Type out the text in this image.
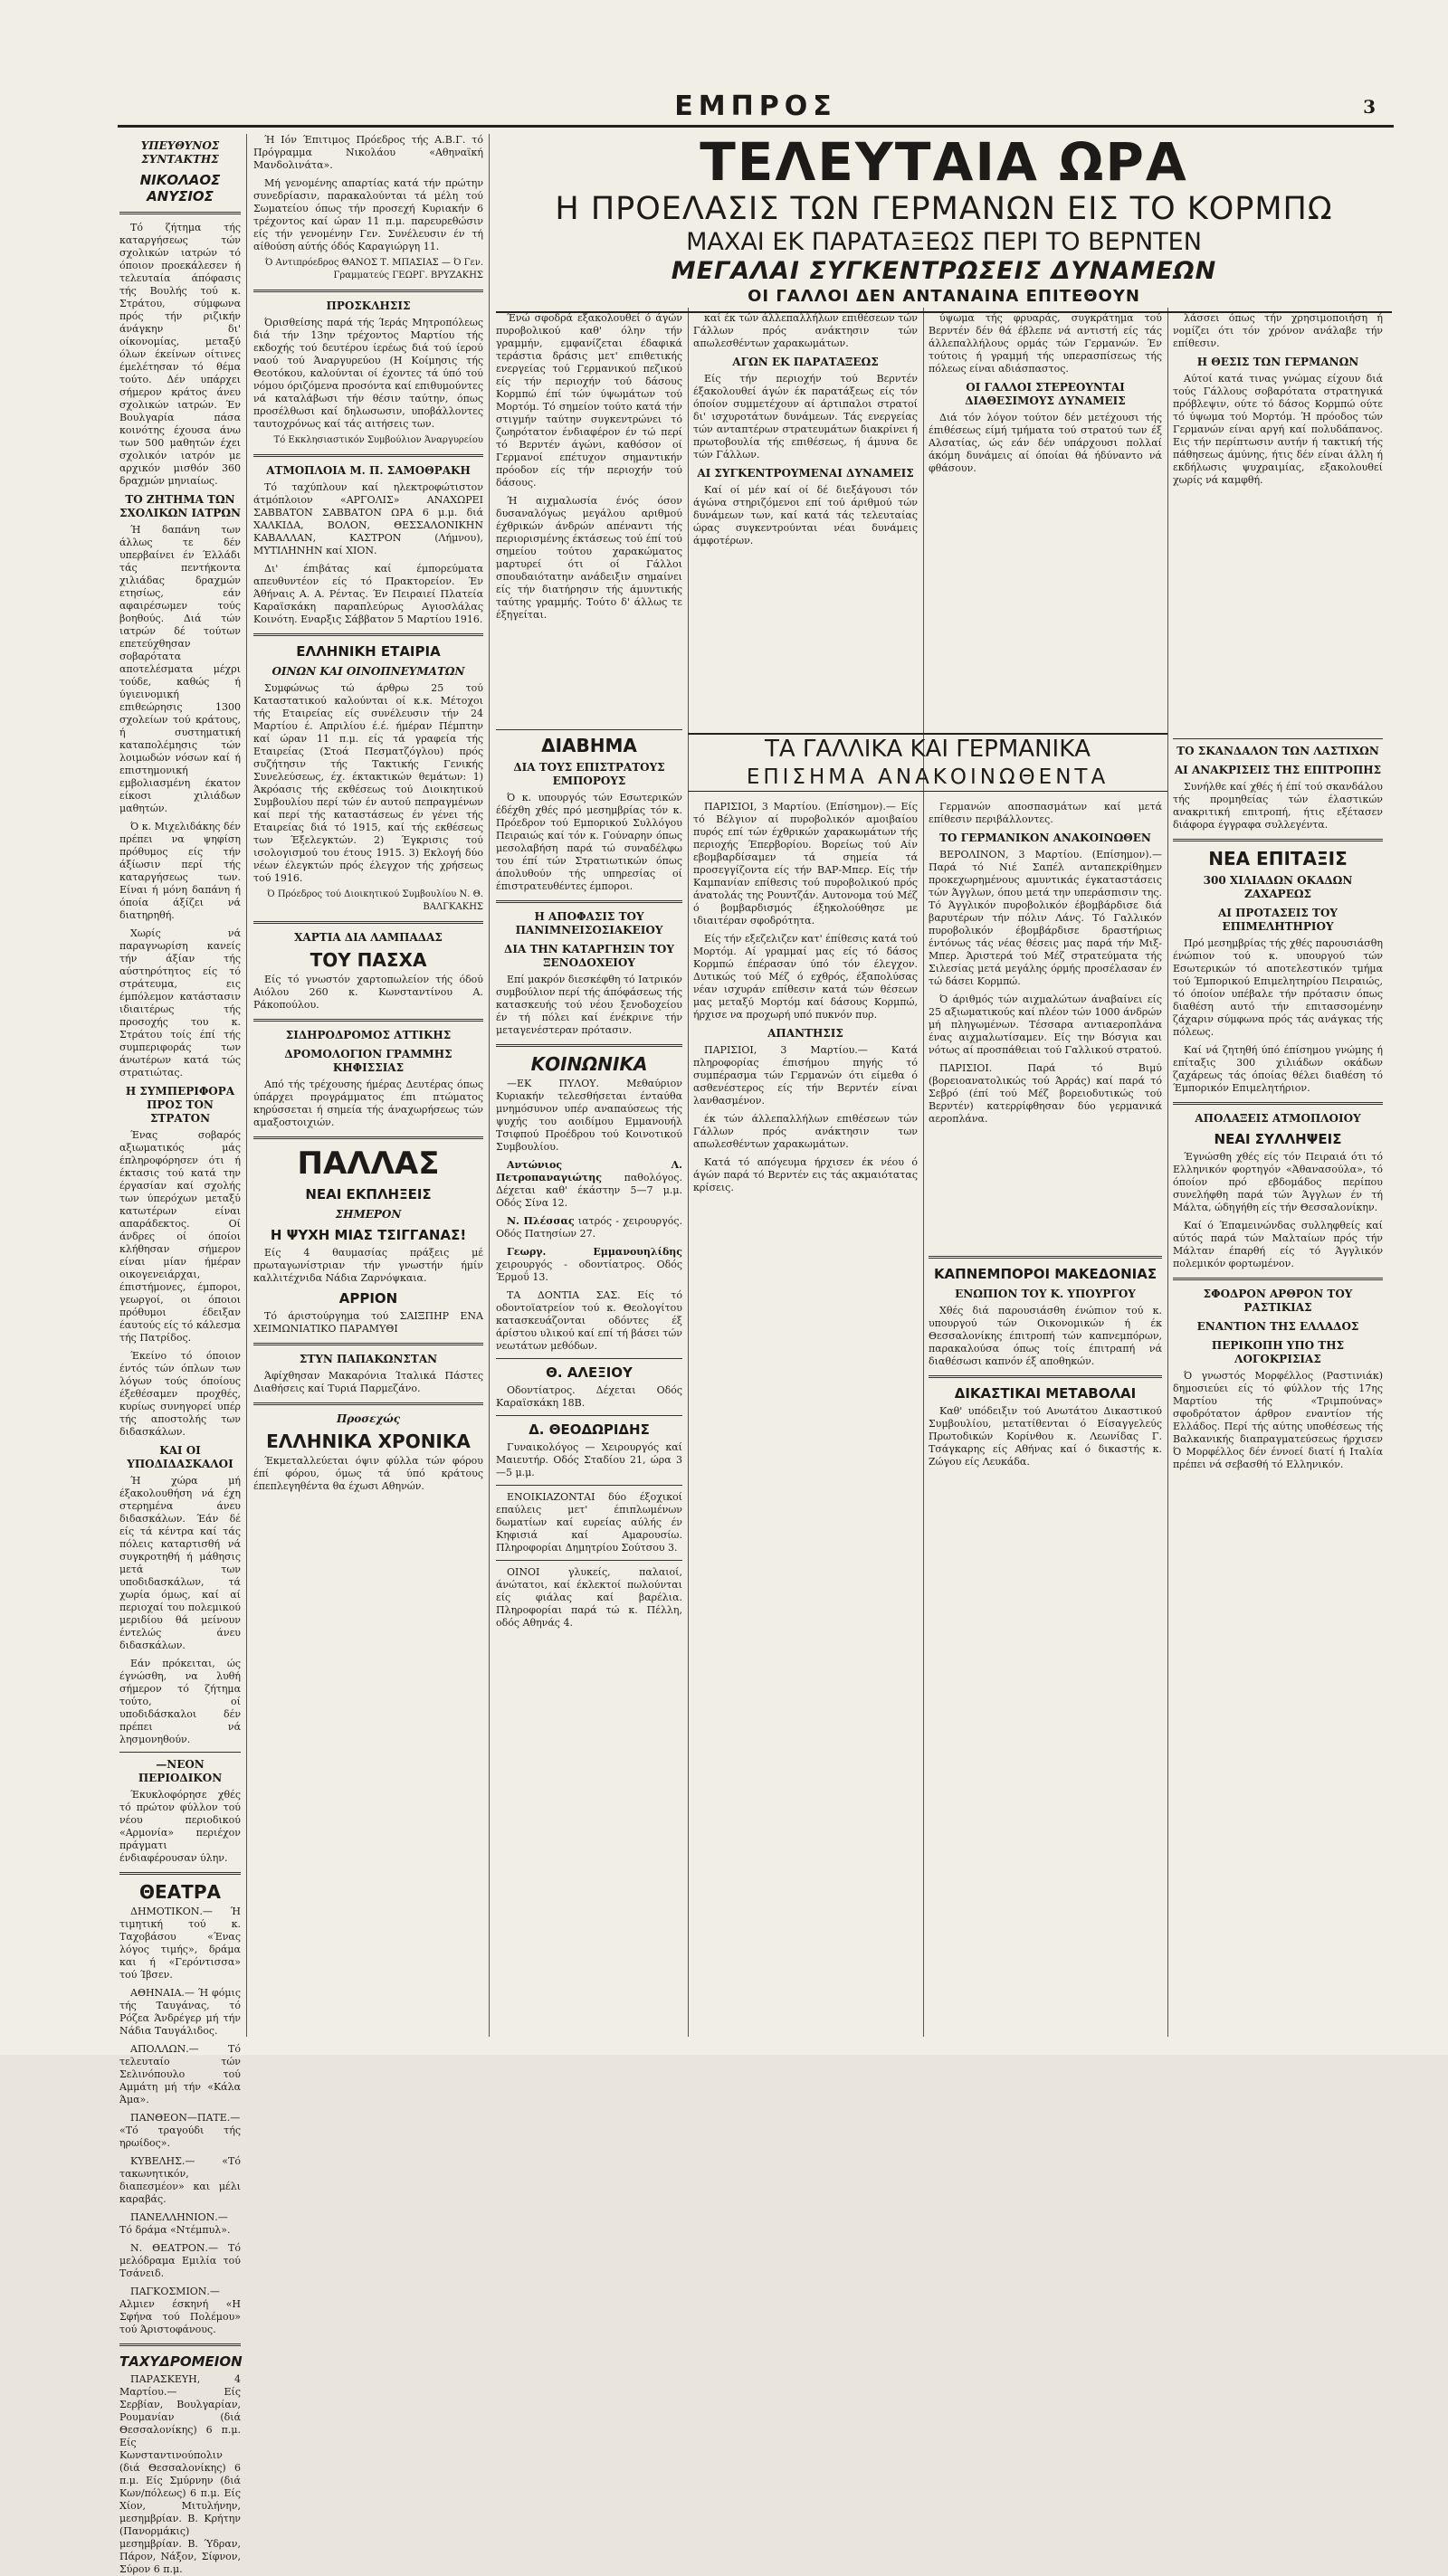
ΕΜΠΡΟΣ	3
ΥΠΕΥΘΥΝΟΣ ΣΥΝΤΑΚΤΗΣ
ΝΙΚΟΛΑΟΣ ΑΝΥΣΙΟΣ

Τό ζήτημα τής καταργήσεως τών σχολικών ιατρών τό όποιον προεκάλεσεν ή τελευταία άπόφασις τής Βουλής τού κ. Στράτου, σύμφωνα πρός τήν ριζικήν άνάγκην δι' οίκονομίας, μεταξύ όλων έκείνων οίτινες έμελέτησαν τό θέμα τούτο. Δέν υπάρχει σήμερον κράτος άνευ σχολικών ιατρών. Έν Βουλγαρία πάσα κοινότης έχουσα άνω των 500 μαθητών έχει σχολικόν ιατρόν με αρχικόν μισθόν 360 δραχμών μηνιαίως.

ΤΟ ΖΗΤΗΜΑ ΤΩΝ ΣΧΟΛΙΚΩΝ ΙΑΤΡΩΝ

Ή δαπάνη των άλλως τε δέν υπερβαίνει έν Έλλάδι τάς πεντήκοντα χιλιάδας δραχμών ετησίως, εάν αφαιρέσωμεν τούς βοηθούς. Διά τών ιατρών δέ τούτων επετεύχθησαν σοβαρότατα αποτελέσματα μέχρι τούδε, καθώς ή ύγιεινομική επιθεώρησις 1300 σχολείων τού κράτους, ή συστηματική καταπολέμησις τών λοιμωδών νόσων καί ή επιστημονική εμβολιασμένη έκατον είκοσι χιλιάδων μαθητών.

Ό κ. Μιχελιδάκης δέν πρέπει να ψηφίση πρόθυμος είς τήν άξίωσιν περί τής καταργήσεως των. Είναι ή μόνη δαπάνη ή όποία άξίζει νά διατηρηθή.

Χωρίς νά παραγνωρίση κανείς τήν άξίαν τής αύστηρότητος είς τό στράτευμα, εις έμπόλεμον κατάστασιν ιδιαιτέρως τής προσοχής του κ. Στράτου τοίς έπί τής συμπεριφοράς των άνωτέρων κατά τώς στρατιώτας.

Η ΣΥΜΠΕΡΙΦΟΡΑ ΠΡΟΣ ΤΟΝ ΣΤΡΑΤΟΝ

Ένας σοβαρός αξιωματικός μάς έπληροφόρησεν ότι ή έκτασις τού κατά την έργασίαν καί σχολής των ύπερόχων μεταξύ κατωτέρων είναι απαράδεκτος. Οί άνδρες οί όποίοι κλήθησαν σήμερον είναι μίαν ήμέραν οικογενειάρχαι, έπιστήμονες, έμποροι, γεωργοί, οι όποιοι πρόθυμοι έδειξαν έαυτούς είς τό κάλεσμα τής Πατρίδος.

Έκείνο τό όποιον έντός τών όπλων των λόγων τούς όποίους έξεθέσαμεν προχθές, κυρίως συνηγορεί υπέρ τής αποστολής των διδασκάλων.

ΚΑΙ ΟΙ ΥΠΟΔΙΔΑΣΚΑΛΟΙ

Ή χώρα μή έξακολουθήση νά έχη στερημένα άνευ διδασκάλων. Έάν δέ είς τά κέντρα καί τάς πόλεις καταρτισθή νά συγκροτηθή ή μάθησις μετά των υποδιδασκάλων, τά χωρία όμως, καί αί περιοχαί του πολεμικού μεριδίου θά μείνουν έντελώς άνευ διδασκάλων.

Εάν πρόκειται, ώς έγνώσθη, να λυθή σήμερον τό ζήτημα τούτο, οί υποδιδάσκαλοι δέν πρέπει νά λησμονηθούν.

—ΝΕΟΝ ΠΕΡΙΟΔΙΚΟΝ

Έκυκλοφόρησε χθές τό πρώτον φύλλον τού νέου περιοδικού «Αρμονία» περιέχον πράγματι ένδιαφέρουσαν ύλην.

ΘΕΑΤΡΑ

ΔΗΜΟΤΙΚΟΝ.— Ή τιμητική τού κ. Ταχοβάσου «Ένας λόγος τιμής», δράμα και ή «Γερόντισσα» τού Ίβσεν.

ΑΘΗΝΑΙΑ.— Ή φόμις τής Ταυγάνας, τό Ρόζεα Άνδρέγερ μή τήν Νάδια Ταυγάλιδος.

ΑΠΟΛΛΩΝ.— Τό τελευταίο τών Σελινόπουλο τού Αμμάτη μή τήν «Κάλα Άμα».

ΠΑΝΘΕΟΝ—ΠΑΤΕ.— «Τό τραγούδι τής ηρωίδος».

ΚΥΒΕΛΗΣ.— «Τό τακωνητικόν, διαπεσμέον» και μέλι καραβάς.

ΠΑΝΕΛΛΗΝΙΟΝ.— Τό δράμα «Ντέμπυλ».

Ν. ΘΕΑΤΡΟΝ.— Τό μελόδραμα Εμιλία τού Τσάνειδ.

ΠΑΓΚΟΣΜΙΟΝ.— Αλμιεν έσκηνή «Η Σφήνα τού Πολέμου» τού Άριστοφάνους.

ΤΑΧΥΔΡΟΜΕΙΟΝ

ΠΑΡΑΣΚΕΥΗ, 4 Μαρτίου.— Είς Σερβίαν, Βουλγαρίαν, Ρουμανίαν (διά Θεσσαλονίκης) 6 π.μ. Είς Κωνσταντινούπολιν (διά Θεσσαλονίκης) 6 π.μ. Είς Σμύρνην (διά Κων/πόλεως) 6 π.μ. Είς Χίον, Μιτυλήνην, μεσημβρίαν. Β. Κρήτην (Πανορμάκις) μεσημβρίαν. Β. Ύδραν, Πάρον, Νάξον, Σίφνον, Σύρον 6 π.μ.

Ή Ιόν Έπιτιμος Πρόεδρος τής Α.Β.Γ. τό Πρόγραμμα Νικολάου «Αθηναϊκή Μανδολινάτα».

Μή γενομένης απαρτίας κατά τήν πρώτην συνεδρίασιν, παρακαλούνται τά μέλη τού Σωματείου όπως τήν προσεχή Κυριακήν 6 τρέχοντος καί ώραν 11 π.μ. παρευρεθώσιν είς τήν γενομένην Γεν. Συνέλευσιν έν τή αίθούση αύτής όδός Καραγιώργη 11.

Ό Αντιπρόεδρος ΘΑΝΟΣ Τ. ΜΠΑΣΙΑΣ — Ό Γεν. Γραμματεύς ΓΕΩΡΓ. ΒΡΥΖΑΚΗΣ
ΠΡΟΣΚΛΗΣΙΣ

Όρισθείσης παρά τής Ίεράς Μητροπόλεως διά τήν 13ην τρέχοντος Μαρτίου τής εκδοχής τού δευτέρου ίερέως διά τού ίερού ναού τού Άναργυρεύου (Η Κοίμησις τής Θεοτόκου, καλούνται οί έχοντες τά ύπό τού νόμου όριζόμενα προσόντα καί επιθυμούντες νά καταλάβωσι τήν θέσιν ταύτην, όπως προσέλθωσι καί δηλωσωσιν, υποβάλλοντες ταυτοχρόνως καί τάς αιτήσεις των.

Τό Εκκλησιαστικόν Συμβούλιον Άναργυρείου
ΑΤΜΟΠΛΟΙΑ Μ. Π. ΣΑΜΟΘΡΑΚΗ

Τό ταχύπλουν καί ηλεκτροφώτιστον άτμόπλοιον «ΑΡΓΟΛΙΣ» ΑΝΑΧΩΡΕΙ ΣΑΒΒΑΤΟΝ ΣΑΒΒΑΤΟΝ ΩΡΑ 6 μ.μ. διά ΧΑΛΚΙΔΑ, ΒΟΛΟΝ, ΘΕΣΣΑΛΟΝΙΚΗΝ ΚΑΒΑΛΛΑΝ, ΚΑΣΤΡΟΝ (Λήμνου), ΜΥΤΙΛΗΝΗΝ καί ΧΙΟΝ.

Δι' έπιβάτας καί έμπορεύματα απευθυντέον είς τό Πρακτορείον. Έν Άθήναις Α. Α. Ρέντας. Έν Πειραιεί Πλατεία Καραϊσκάκη παραπλεύρως Αγιοσλάλας Κοινότη. Εναρξις Σάββατον 5 Μαρτίου 1916.

ΕΛΛΗΝΙΚΗ ΕΤΑΙΡΙΑ
ΟΙΝΩΝ ΚΑΙ ΟΙΝΟΠΝΕΥΜΑΤΩΝ

Συμφώνως τώ άρθρω 25 τού Καταστατικού καλούνται οί κ.κ. Μέτοχοι τής Εταιρείας είς συνέλευσιν τήν 24 Μαρτίου έ. Απριλίου έ.έ. ήμέραν Πέμπτην καί ώραν 11 π.μ. είς τά γραφεία τής Εταιρείας (Στοά Πεσματζόγλου) πρός συζήτησιν τής Τακτικής Γενικής Συνελεύσεως, έχ. έκτακτικών θεμάτων: 1) Άκρόασις τής εκθέσεως τού Διοικητικού Συμβουλίου περί τών έν αυτού πεπραγμένων καί περί τής καταστάσεως έν γένει τής Εταιρείας διά τό 1915, καί τής εκθέσεως των Έξελεγκτών. 2) Έγκρισις τού ισολογισμού του έτους 1915. 3) Εκλογή δύο νέων έλεγκτών πρός έλεγχον τής χρήσεως τού 1916.

Ό Πρόεδρος τού Διοικητικού Συμβουλίου Ν. Θ. ΒΑΛΓΚΑΚΗΣ
ΧΑΡΤΙΑ ΔΙΑ ΛΑΜΠΑΔΑΣ
ΤΟΥ ΠΑΣΧΑ

Είς τό γνωστόν χαρτοπωλείον τής όδού Αιόλου 260 κ. Κωνσταντίνου Α. Ράκοπούλου.

ΣΙΔΗΡΟΔΡΟΜΟΣ ΑΤΤΙΚΗΣ
ΔΡΟΜΟΛΟΓΙΟΝ ΓΡΑΜΜΗΣ ΚΗΦΙΣΣΙΑΣ

Από τής τρέχουσης ήμέρας Δευτέρας όπως ύπάρχει προγράμματος έπι πτώματος κηρύσσεται ή σημεία τής άναχωρήσεως τών αμαξοστοιχιών.

ΠΑΛΛΑΣ
ΝΕΑΙ ΕΚΠΛΗΞΕΙΣ
ΣΗΜΕΡΟΝ
Η ΨΥΧΗ ΜΙΑΣ ΤΣΙΓΓΑΝΑΣ!

Είς 4 θαυμασίας πράξεις μέ πρωταγωνίστριαν τήν γνωστήν ήμίν καλλιτέχνιδα Νάδια Ζαρνόψκαια.

ΑΡΡΙΟΝ

Τό άριστούργημα τού ΣΑΙΞΠΗΡ ΕΝΑ ΧΕΙΜΩΝΙΑΤΙΚΟ ΠΑΡΑΜΥΘΙ

ΣΤΥΝ ΠΑΠΑΚΩΝΣΤΑΝ

Άφίχθησαν Μακαρόνια Ίταλικά Πάστες Διαθήσεις καί Τυριά Παρμεζάνο.

Προσεχώς
ΕΛΛΗΝΙΚΑ ΧΡΟΝΙΚΑ

Έκμεταλλεύεται όψιν φύλλα τών φόρου έπί φόρου, όμως τά ύπό κράτους έπεπλεγηθέντα θα έχωσι Αθηνών.

ΤΕΛΕΥΤΑΙΑ ΩΡΑ
Η ΠΡΟΕΛΑΣΙΣ ΤΩΝ ΓΕΡΜΑΝΩΝ ΕΙΣ ΤΟ ΚΟΡΜΠΩ
ΜΑΧΑΙ ΕΚ ΠΑΡΑΤΑΞΕΩΣ ΠΕΡΙ ΤΟ ΒΕΡΝΤΕΝ
ΜΕΓΑΛΑΙ ΣΥΓΚΕΝΤΡΩΣΕΙΣ ΔΥΝΑΜΕΩΝ
ΟΙ ΓΑΛΛΟΙ ΔΕΝ ΑΝΤΑΝΑΙΝΑ ΕΠΙΤΕΘΟΥΝ

Ένώ σφοδρά εξακολουθεί ό άγών πυροβολικού καθ' όλην τήν γραμμήν, εμφανίζεται έδαφικά τεράστια δράσις μετ' επιθετικής ενεργείας τού Γερμανικού πεζικού είς τήν περιοχήν τού δάσους Κορμπώ έπί τών ύψωμάτων τού Μορτόμ. Τό σημείον τούτο κατά τήν στιγμήν ταύτην συγκεντρώνει τό ζωηρότατον ένδιαφέρον έν τώ περί τό Βερντέν άγώνι, καθόσον οί Γερμανοί επέτυχον σημαντικήν πρόοδον είς τήν περιοχήν τού δάσους.

Ή αιχμαλωσία ένός όσον δυσαναλόγως μεγάλου αριθμού έχθρικών άνδρών απέναντι τής περιορισμένης έκτάσεως τού έπί τού σημείου τούτου χαρακώματος μαρτυρεί ότι οί Γάλλοι σπουδαιότατην ανάδειξιν σημαίνει είς τήν διατήρησιν τής άμυντικής ταύτης γραμμής. Τούτο δ' άλλως τε έξηγείται.

καί έκ τών άλλεπαλλήλων επιθέσεων τών Γάλλων πρός ανάκτησιν τών απωλεσθέντων χαρακωμάτων.

ΑΓΩΝ ΕΚ ΠΑΡΑΤΑΞΕΩΣ

Είς τήν περιοχήν τού Βερντέν έξακολουθεί άγών έκ παρατάξεως είς τόν όποίον συμμετέχουν αί άρτιπαλοι στρατοί δι' ισχυροτάτων δυνάμεων. Τάς ενεργείας τών ανταπτέρων στρατευμάτων διακρίνει ή πρωτοβουλία τής επιθέσεως, ή άμυνα δε τών Γάλλων.

ΑΙ ΣΥΓΚΕΝΤΡΟΥΜΕΝΑΙ ΔΥΝΑΜΕΙΣ

Καί οί μέν καί οί δέ διεξάγουσι τόν άγώνα στηριζόμενοι επί τού άριθμού τών δυνάμεων των, καί κατά τάς τελευταίας ώρας συγκεντρούνται νέαι δυνάμεις άμφοτέρων.

ύψωμα τής φρυαράς, συγκράτημα τού Βερντέν δέν θά έβλεπε νά αντιστή είς τάς άλλεπαλλήλους ορμάς τών Γερμανών. Έν τούτοις ή γραμμή τής υπερασπίσεως τής πόλεως είναι αδιάσπαστος.

ΟΙ ΓΑΛΛΟΙ ΣΤΕΡΕΟΥΝΤΑΙ ΔΙΑΘΕΣΙΜΟΥΣ ΔΥΝΑΜΕΙΣ

Διά τόν λόγον τούτον δέν μετέχουσι τής έπιθέσεως είμή τμήματα τού στρατού των έξ Αλσατίας, ώς εάν δέν υπάρχουσι πολλαί άκόμη δυνάμεις αί όποίαι θά ήδύναντο νά φθάσουν.

λάσσει όπως τήν χρησιμοποιήση ή νομίζει ότι τόν χρόνον ανάλαβε τήν επίθεσιν.

Η ΘΕΣΙΣ ΤΩΝ ΓΕΡΜΑΝΩΝ

Αύτοί κατά τινας γνώμας είχουν διά τούς Γάλλους σοβαρότατα στρατηγικά πρόβλεψιν, ούτε τό δάσος Κορμπώ ούτε τό ύψωμα τού Μορτόμ. Ή πρόοδος τών Γερμανών είναι αργή καί πολυδάπανος. Εις τήν περίπτωσιν αυτήν ή τακτική τής πάθησεως άμύνης, ήτις δέν είναι άλλη ή εκδήλωσις ψυχραιμίας, εξακολουθεί χωρίς νά καμφθή.

ΔΙΑΒΗΜΑ
ΔΙΑ ΤΟΥΣ ΕΠΙΣΤΡΑΤΟΥΣ ΕΜΠΟΡΟΥΣ

Ό κ. υπουργός τών Εσωτερικών έδέχθη χθές πρό μεσημβρίας τόν κ. Πρόεδρον τού Εμπορικού Συλλόγου Πειραιώς καί τόν κ. Γούναρην όπως μεσολαβήση παρά τώ συναδέλφω του έπί τών Στρατιωτικών όπως άπολυθούν τής υπηρεσίας οί έπιστρατευθέντες έμποροι.

Η ΑΠΟΦΑΣΙΣ ΤΟΥ ΠΑΝΙΜΝΕΙΣΟΣΙΑΚΕΙΟΥ
ΔΙΑ ΤΗΝ ΚΑΤΑΡΓΗΣΙΝ ΤΟΥ ΞΕΝΟΔΟΧΕΙΟΥ

Επί μακρόν διεσκέφθη τό Ιατρικόν συμβούλιον περί τής άπόφάσεως τής κατασκευής τού νέου ξενοδοχείου έν τή πόλει καί ένέκρινε τήν μεταγενέστεραν πρότασιν.

ΚΟΙΝΩΝΙΚΑ

—ΕΚ ΠΥΛΟΥ. Μεθαύριον Κυριακήν τελεσθήσεται ένταύθα μνημόσυνον υπέρ αναπαύσεως τής ψυχής του αοιδίμου Εμμανουήλ Τσιφπού Προέδρου τού Κοινοτικού Συμβουλίου.

Αντώνιος Λ. Πετροπαναγιώτης παθολόγος. Δέχεται καθ' έκάστην 5—7 μ.μ. Οδός Σίνα 12.

Ν. Πλέσσας ιατρός - χειρουργός. Οδός Πατησίων 27.

Γεωργ. Εμμανουηλίδης χειρουργός - οδοντίατρος. Οδός Έρμοΰ 13.

ΤΑ ΔΟΝΤΙΑ ΣΑΣ. Είς τό οδοντοϊατρείον τού κ. Θεολογίτου κατασκευάζονται οδόντες έξ άρίστου υλικού καί επί τή βάσει τών νεωτάτων μεθόδων.

Θ. ΑΛΕΞΙΟΥ

Οδοντίατρος. Δέχεται Οδός Καραϊσκάκη 18Β.

Δ. ΘΕΟΔΩΡΙΔΗΣ

Γυναικολόγος — Χειρουργός καί Μαιευτήρ. Οδός Σταδίου 21, ώρα 3—5 μ.μ.

ΕΝΟΙΚΙΑΖΟΝΤΑΙ δύο έξοχικοί επαύλεις μετ' έπιπλωμένων δωματίων καί ευρείας αύλής έν Κηφισιά καί Αμαρουσίω. Πληροφορίαι Δημητρίου Σούτσου 3.

ΟΙΝΟΙ γλυκείς, παλαιοί, άνώτατοι, καί έκλεκτοί πωλούνται είς φιάλας καί βαρέλια. Πληροφορίαι παρά τώ κ. Πέλλη, οδός Αθηνάς 4.

ΤΑ ΓΑΛΛΙΚΑ ΚΑΙ ΓΕΡΜΑΝΙΚΑ
ΕΠΙΣΗΜΑ ΑΝΑΚΟΙΝΩΘΕΝΤΑ

ΠΑΡΙΣΙΟΙ, 3 Μαρτίου. (Επίσημον).— Είς τό Βέλγιον αί πυροβολικόν αμοιβαίου πυρός επί τών έχθρικών χαρακωμάτων τής περιοχής Έπερβορίου. Βορείως τού Αίν εβομβαρδίσαμεν τά σημεία τά προσεγγίζοντα είς τήν ΒΑΡ-Μπερ. Είς τήν Καμπανίαν επίθεσις τού πυροβολικού πρός άνατολάς της Ρουντζάν. Αυτονομα τού Μέζ ό βομβαρδισμός έξηκολούθησε με ιδιαιτέραν σφοδρότητα.

Είς τήν εξεζελιζεν κατ' έπίθεσις κατά τού Μορτόμ. Αί γραμμαί μας είς τό δάσος Κορμπώ έπέρασαν ύπό τόν έλεγχον. Δυτικώς τού Μέζ ό εχθρός, έξαπολύσας νέαν ισχυράν επίθεσιν κατά τών θέσεων μας μεταξύ Μορτόμ καί δάσους Κορμπώ, ήρχισε να προχωρή υπό πυκνόν πυρ.

ΑΠΑΝΤΗΣΙΣ

ΠΑΡΙΣΙΟΙ, 3 Μαρτίου.— Κατά πληροφορίας έπισήμου πηγής τό συμπέρασμα τών Γερμανών ότι είμεθα ό ασθενέστερος είς τήν Βερντέν είναι λανθασμένον.

έκ τών άλλεπαλλήλων επιθέσεων τών Γάλλων πρός ανάκτησιν των απωλεσθέντων χαρακωμάτων.

Κατά τό απόγευμα ήρχισεν έκ νέου ό άγών παρά τό Βερντέν εις τάς ακμαιότατας κρίσεις.

Γερμανών αποσπασμάτων καί μετά επίθεσιν περιβάλλοντες.

ΤΟ ΓΕΡΜΑΝΙΚΟΝ ΑΝΑΚΟΙΝΩΘΕΝ

ΒΕΡΟΛΙΝΟΝ, 3 Μαρτίου. (Επίσημον).— Παρά τό Νιέ Σαπέλ ανταπεκρίθημεν προκεχωρημένους αμυντικάς έγκαταστάσεις τών Άγγλων, όπου μετά την υπεράσπισιν της. Τό Άγγλικόν πυροβολικόν έβομβάρδισε διά βαρυτέρων τήν πόλιν Λάνς. Τό Γαλλικόν πυροβολικόν έβομβάρδισε δραστήριως έντόνως τάς νέας θέσεις μας παρά τήν Μιξ-Μπερ. Άριστερά τού Μέζ στρατεύματα τής Σιλεσίας μετά μεγάλης όρμής προσέλασαν έν τώ δάσει Κορμπώ.

Ό άριθμός τών αιχμαλώτων άναβαίνει είς 25 αξιωματικούς καί πλέον τών 1000 άνδρών μή πληγωμένων. Τέσσαρα αντιαεροπλάνα ένας αιχμαλωτίσαμεν. Είς την Βόσγια και νότως αί προσπάθειαι τού Γαλλικού στρατού.

ΠΑΡΙΣΙΟΙ. Παρά τό Βιμύ (βορειοανατολικώς τού Άρράς) καί παρά τό Σεβρό (έπί τού Μέζ βορειοδυτικώς τού Βερντέν) κατερρίφθησαν δύο γερμανικά αεροπλάνα.

ΚΑΠΝΕΜΠΟΡΟΙ ΜΑΚΕΔΟΝΙΑΣ
ΕΝΩΠΙΟΝ ΤΟΥ Κ. ΥΠΟΥΡΓΟΥ

Χθές διά παρουσιάσθη ένώπιον τού κ. υπουργού τών Οικονομικών ή έκ Θεσσαλονίκης έπιτροπή τών καπνεμπόρων, παρακαλούσα όπως τοίς έπιτραπή νά διαθέσωσι καπνόν έξ αποθηκών.

ΔΙΚΑΣΤΙΚΑΙ ΜΕΤΑΒΟΛΑΙ

Καθ' υπόδειξιν τού Ανωτάτου Δικαστικού Συμβουλίου, μετατίθενται ό Είσαγγελεύς Πρωτοδικών Κορίνθου κ. Λεωνίδας Γ. Τσάγκαρης είς Αθήνας καί ό δικαστής κ. Ζώγου είς Λευκάδα.

ΤΟ ΣΚΑΝΔΑΛΟΝ ΤΩΝ ΛΑΣΤΙΧΩΝ
ΑΙ ΑΝΑΚΡΙΣΕΙΣ ΤΗΣ ΕΠΙΤΡΟΠΗΣ

Συνήλθε καί χθές ή έπί τού σκανδάλου τής προμηθείας τών έλαστικών ανακριτική επιτροπή, ήτις εξέτασεν διάφορα έγγραφα συλλεγέντα.

ΝΕΑ ΕΠΙΤΑΞΙΣ
300 ΧΙΛΙΑΔΩΝ ΟΚΑΔΩΝ ΖΑΧΑΡΕΩΣ
ΑΙ ΠΡΟΤΑΣΕΙΣ ΤΟΥ ΕΠΙΜΕΛΗΤΗΡΙΟΥ

Πρό μεσημβρίας τής χθές παρουσιάσθη ένώπιον τού κ. υπουργού τών Εσωτερικών τό αποτελεστικόν τμήμα τού Έμπορικού Επιμελητηρίου Πειραιώς, τό όποίον υπέβαλε τήν πρότασιν όπως διαθέση αυτό τήν επιτασσομένην ζάχαριν σύμφωνα πρός τάς ανάγκας τής πόλεως.

Καί νά ζητηθή ύπό έπίσημου γνώμης ή επίταξις 300 χιλιάδων οκάδων ζαχάρεως τάς όποίας θέλει διαθέση τό Έμπορικόν Επιμελητήριον.

ΑΠΟΛΑΞΕΙΣ ΑΤΜΟΠΛΟΙΟΥ
ΝΕΑΙ ΣΥΛΛΗΨΕΙΣ

Έγνώσθη χθές είς τόν Πειραιά ότι τό Ελληνικόν φορτηγόν «Άθανασούλα», τό όποίον πρό εβδομάδος περίπου συνελήφθη παρά τών Άγγλων έν τή Μάλτα, ώδηγήθη είς τήν Θεσσαλονίκην.

Καί ό Έπαμεινώνδας συλληφθείς καί αύτός παρά τών Μαλταίων πρός τήν Μάλταν έπαρθή είς τό Άγγλικόν πολεμικόν φορτωμένον.

ΣΦΟΔΡΟΝ ΑΡΘΡΟΝ ΤΟΥ ΡΑΣΤΙΚΙΑΣ
ΕΝΑΝΤΙΟΝ ΤΗΣ ΕΛΛΑΔΟΣ
ΠΕΡΙΚΟΠΗ ΥΠΟ ΤΗΣ ΛΟΓΟΚΡΙΣΙΑΣ

Ό γνωστός Μορφέλλος (Ραστινιάκ) δημοσιεύει είς τό φύλλον τής 17ης Μαρτίου τής «Τριμπούνας» σφοδρότατον άρθρον εναντίον τής Ελλάδος. Περί τής αύτης υποθέσεως τής Βαλκανικής διαπραγματεύσεως ήρχισεν Ό Μορφέλλος δέν έννοεί διατί ή Ιταλία πρέπει νά σεβασθή τό Ελληνικόν.
